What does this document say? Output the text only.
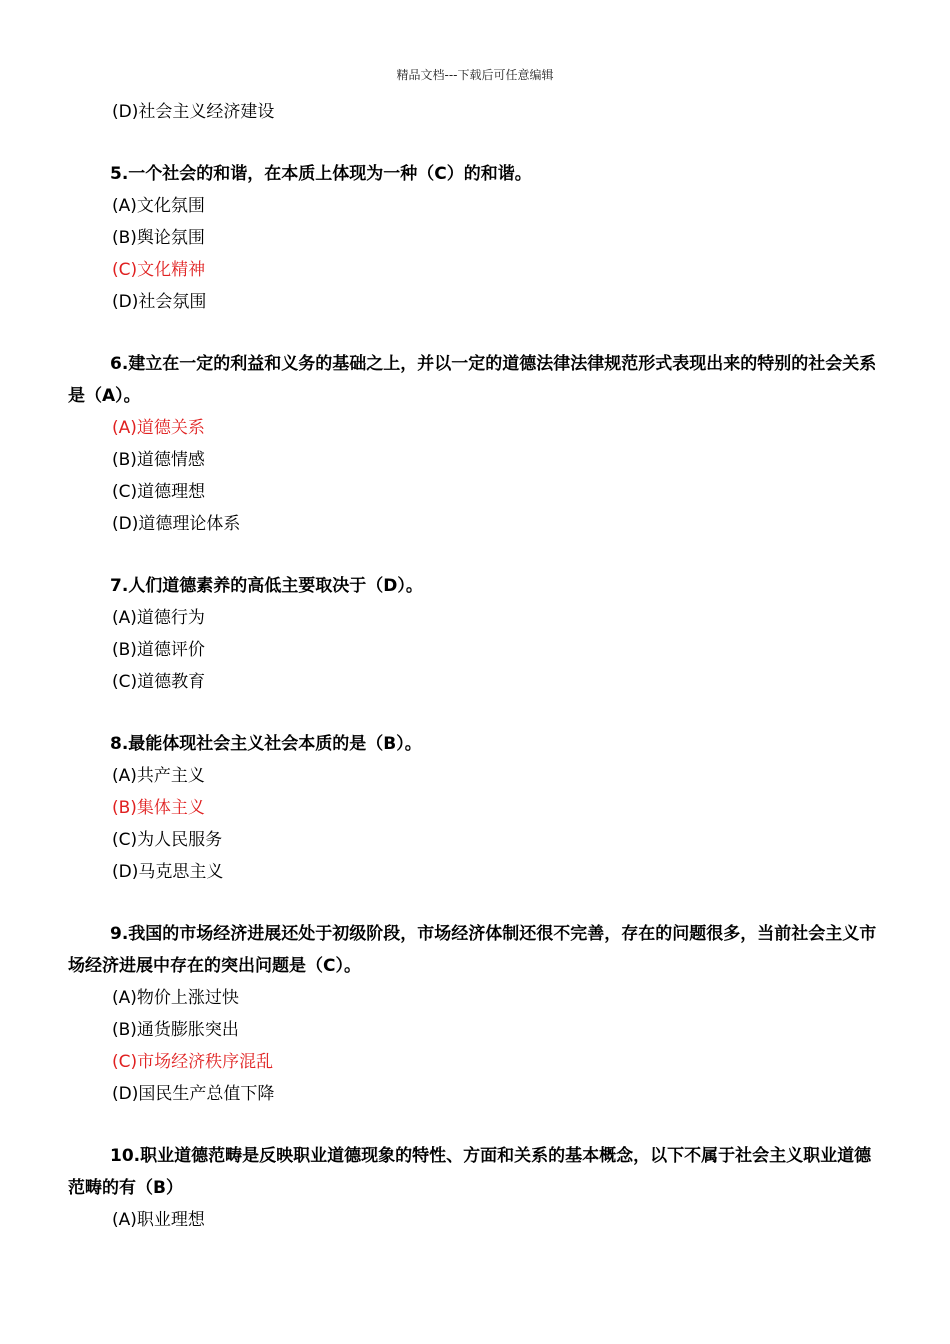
精品文档---下载后可任意编辑
(D)社会主义经济建设
5.一个社会的和谐，在本质上体现为一种（C）的和谐。
(A)文化氛围
(B)舆论氛围
(C)文化精神
(D)社会氛围
6.建立在一定的利益和义务的基础之上，并以一定的道德法律法律规范形式表现出来的特别的社会关系是（A）。
(A)道德关系
(B)道德情感
(C)道德理想
(D)道德理论体系
7.人们道德素养的高低主要取决于（D）。
(A)道德行为
(B)道德评价
(C)道德教育
8.最能体现社会主义社会本质的是（B）。
(A)共产主义
(B)集体主义
(C)为人民服务
(D)马克思主义
9.我国的市场经济进展还处于初级阶段，市场经济体制还很不完善，存在的问题很多，当前社会主义市场经济进展中存在的突出问题是（C）。
(A)物价上涨过快
(B)通货膨胀突出
(C)市场经济秩序混乱
(D)国民生产总值下降
10.职业道德范畴是反映职业道德现象的特性、方面和关系的基本概念，以下不属于社会主义职业道德范畴的有（B）
(A)职业理想
